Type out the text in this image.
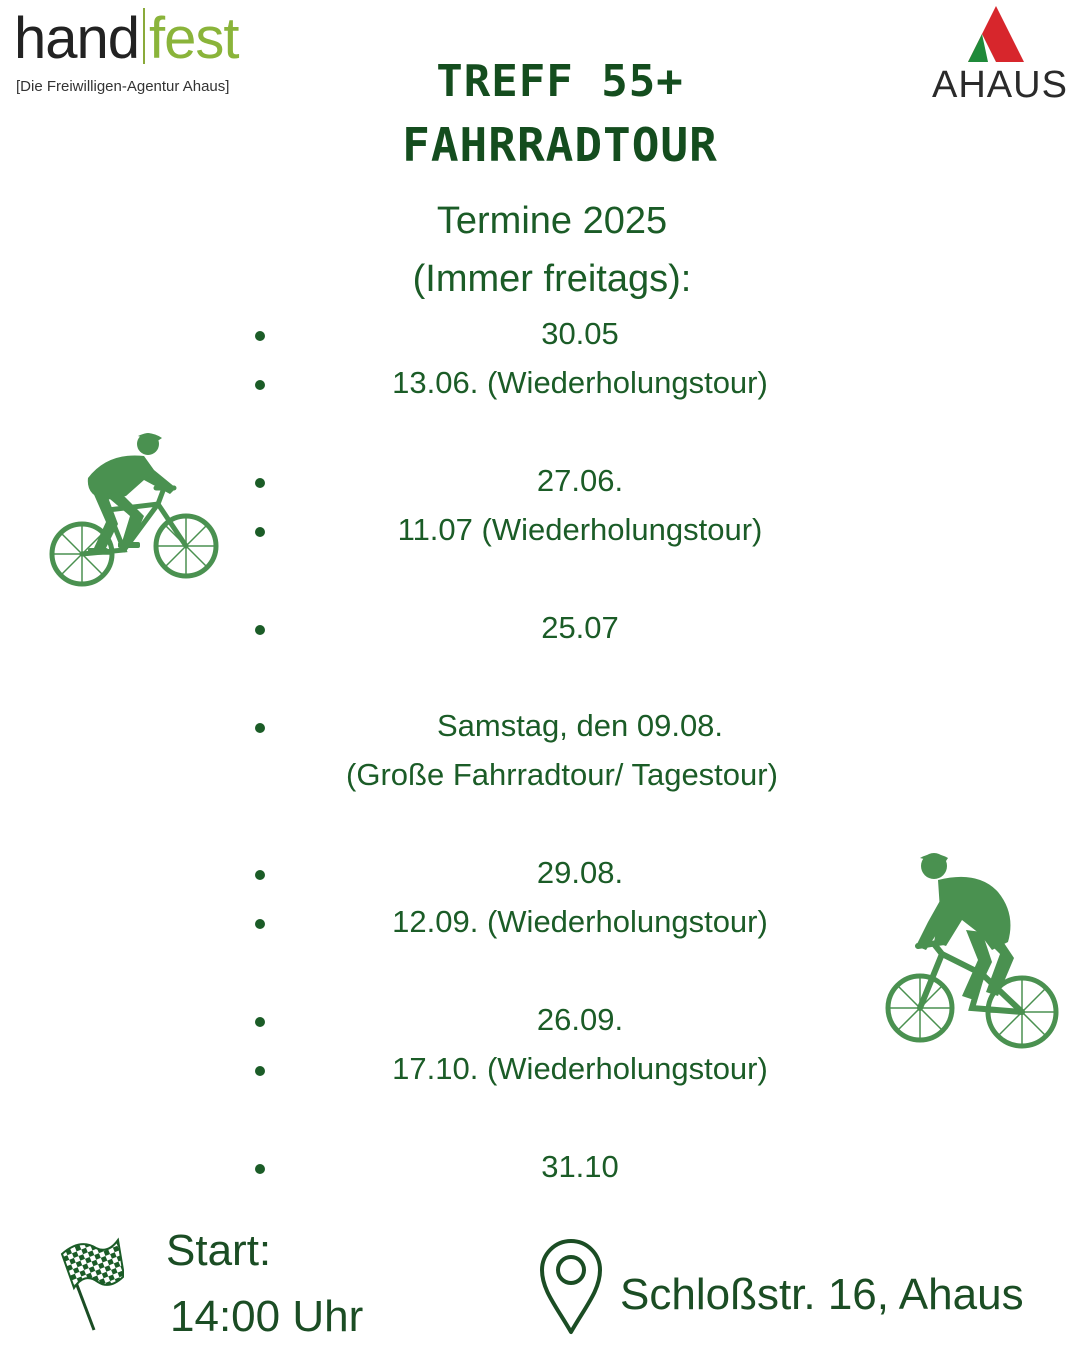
hand fest
[Die Freiwilligen-Agentur Ahaus]	AHAUS
TREFF 55+
FAHRRADTOUR
Termine 2025
(Immer freitags):
30.05
13.06. (Wiederholungstour)
27.06.
11.07 (Wiederholungstour)
25.07
Samstag, den 09.08.
(Große Fahrradtour/ Tagestour)
29.08.
12.09. (Wiederholungstour)
26.09.
17.10. (Wiederholungstour)
31.10
Start:
14:00 Uhr	Schloßstr. 16, Ahaus
